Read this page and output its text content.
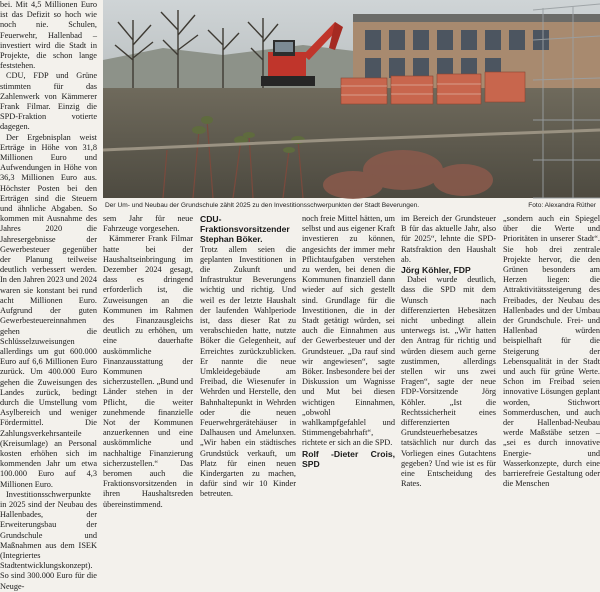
bei. Mit 4,5 Millionen Euro ist das Defizit so hoch wie noch nie. Schulen, Feuerwehr, Hallenbad – investiert wird die Stadt in Projekte, die schon lange feststehen.

CDU, FDP und Grüne stimmten für das Zahlenwerk von Kämmerer Frank Filmar. Einzig die SPD-Fraktion votierte dagegen.

Der Ergebnisplan weist Erträge in Höhe von 31,8 Millionen Euro und Aufwendungen in Höhe von 36,3 Millionen Euro aus. Höchster Posten bei den Erträgen sind die Steuern und ähnliche Abgaben. So kommen mit Ausnahme des Jahres 2020 die Jahresergebnisse der Gewerbesteuer gegenüber der Planung teilweise deutlich verbessert werden. In den Jahren 2023 und 2024 waren sie konstant bei rund acht Millionen Euro. Aufgrund der guten Gewerbesteuereinnahmen gehen die Schlüsselzuweisungen allerdings um gut 600.000 Euro auf 6,6 Millionen Euro zurück. Um 400.000 Euro gehen die Zuweisungen des Landes zurück, bedingt durch die Umstellung vom Asylbereich und weniger Fördermittel. Die Zahlungsverkehrsanteile (Kreisumlage) an Personal kosten erhöhen sich im kommenden Jahr um etwa 100.000 Euro auf 4,3 Millionen Euro.

Investitionsschwerpunkte in 2025 sind der Neubau des Hallenbades, der Erweiterungsbau der Grundschule und Maßnahmen aus dem ISEK (Integriertes Stadtentwicklungskonzept). So sind 300.000 Euro für die Neuge-

Der Um- und Neubau der Grundschule zählt 2025 zu den Investitionsschwerpunkten der Stadt Beverungen.	Foto: Alexandra Rüther

sem Jahr für neue Fahrzeuge vorgesehen.

Kämmerer Frank Filmar hatte bei der Haushaltseinbringung im Dezember 2024 gesagt, dass es dringend erforderlich ist, die Zuweisungen an die Kommunen im Rahmen des Finanzausgleichs deutlich zu erhöhen, um eine dauerhafte auskömmliche Finanzausstattung der Kommunen sicherzustellen. „Bund und Länder stehen in der Pflicht, die weiter zunehmende finanzielle Not der Kommunen anzuerkennen und eine auskömmliche und nachhaltige Finanzierung sicherzustellen.“ Das beromen auch die Fraktionsvorsitzenden in ihren Haushaltsreden übereinstimmend.

CDU-Fraktionsvorsitzender Stephan Böker.

Trotz allem seien die geplanten Investitionen in die Zukunft und Infrastruktur Beverungens wichtig und richtig. Und weil es der letzte Haushalt der laufenden Wahlperiode ist, dass dieser Rat zu verabschieden hatte, nutzte Böker die Gelegenheit, auf Erreichtes zurückzublicken. Er nannte die neue Umkleidegebäude am Freibad, die Wiesenufer in Wehrden und Herstelle, den Bahnhaltepunkt in Wehrden oder die neuen Feuerwehrgerätehäuser in Dalhausen und Amelunxen. „Wir haben ein städtisches Grundstück verkauft, um Platz für einen neuen Kindergarten zu machen, dafür sind wir 10 Kinder betreuten.

noch freie Mittel hätten, um selbst und aus eigener Kraft investieren zu können, angesichts der immer mehr Pflichtaufgaben verstehen zu werden, bei denen die Kommunen finanziell dann wieder auf sich gestellt sind. Grundlage für die Investitionen, die in der Stadt getätigt würden, sei auch die Einnahmen aus der Gewerbesteuer und der Grundsteuer. „Da rauf sind wir angewiesen“, sagte Böker. Insbesondere bei der Diskussion um Wagnisse und Mut bei diesen wichtigen Einnahmen, „obwohl wahlkampfgefahlel und Stimmengebahrhaft“, richtete er sich an die SPD.

Rolf -Dieter Crois, SPD

im Bereich der Grundsteuer B für das aktuelle Jahr, also für 2025“, lehnte die SPD-Ratsfraktion den Haushalt ab.

Jörg Köhler, FDP

Dabei wurde deutlich, dass die SPD mit dem Wunsch nach differenzierten Hebesätzen nicht unbedingt allein unterwegs ist. „Wir hatten den Antrag für richtig und würden diesem auch gerne zustimmen, allerdings stellen wir uns zwei Fragen“, sagte der neue FDP-Vorsitzende Jörg Köhler. „Ist die Rechtssicherheit eines differenzierten Grundsteuerhebesatzes tatsächlich nur durch das Vorliegen eines Gutachtens gegeben? Und wie ist es für eine Entscheidung des Rates.

„sondern auch ein Spiegel über die Werte und Prioritäten in unserer Stadt“. Sie hob drei zentrale Projekte hervor, die den Grünen besonders am Herzen liegen: die Attraktivitätssteigerung des Freibades, der Neubau des Hallenbades und der Umbau der Grundschule. Frei- und Hallenbad würden beispielhaft für die Steigerung der Lebensqualität in der Stadt und auch für grüne Werte. Schon im Freibad seien innovative Lösungen geplant worden, Stichwort Sommerduschen, und auch der Hallenbad-Neubau werde Maßstäbe setzen – „sei es durch innovative Energie- und Wasserkonzepte, durch eine barrierefreie Gestaltung oder die Menschen
